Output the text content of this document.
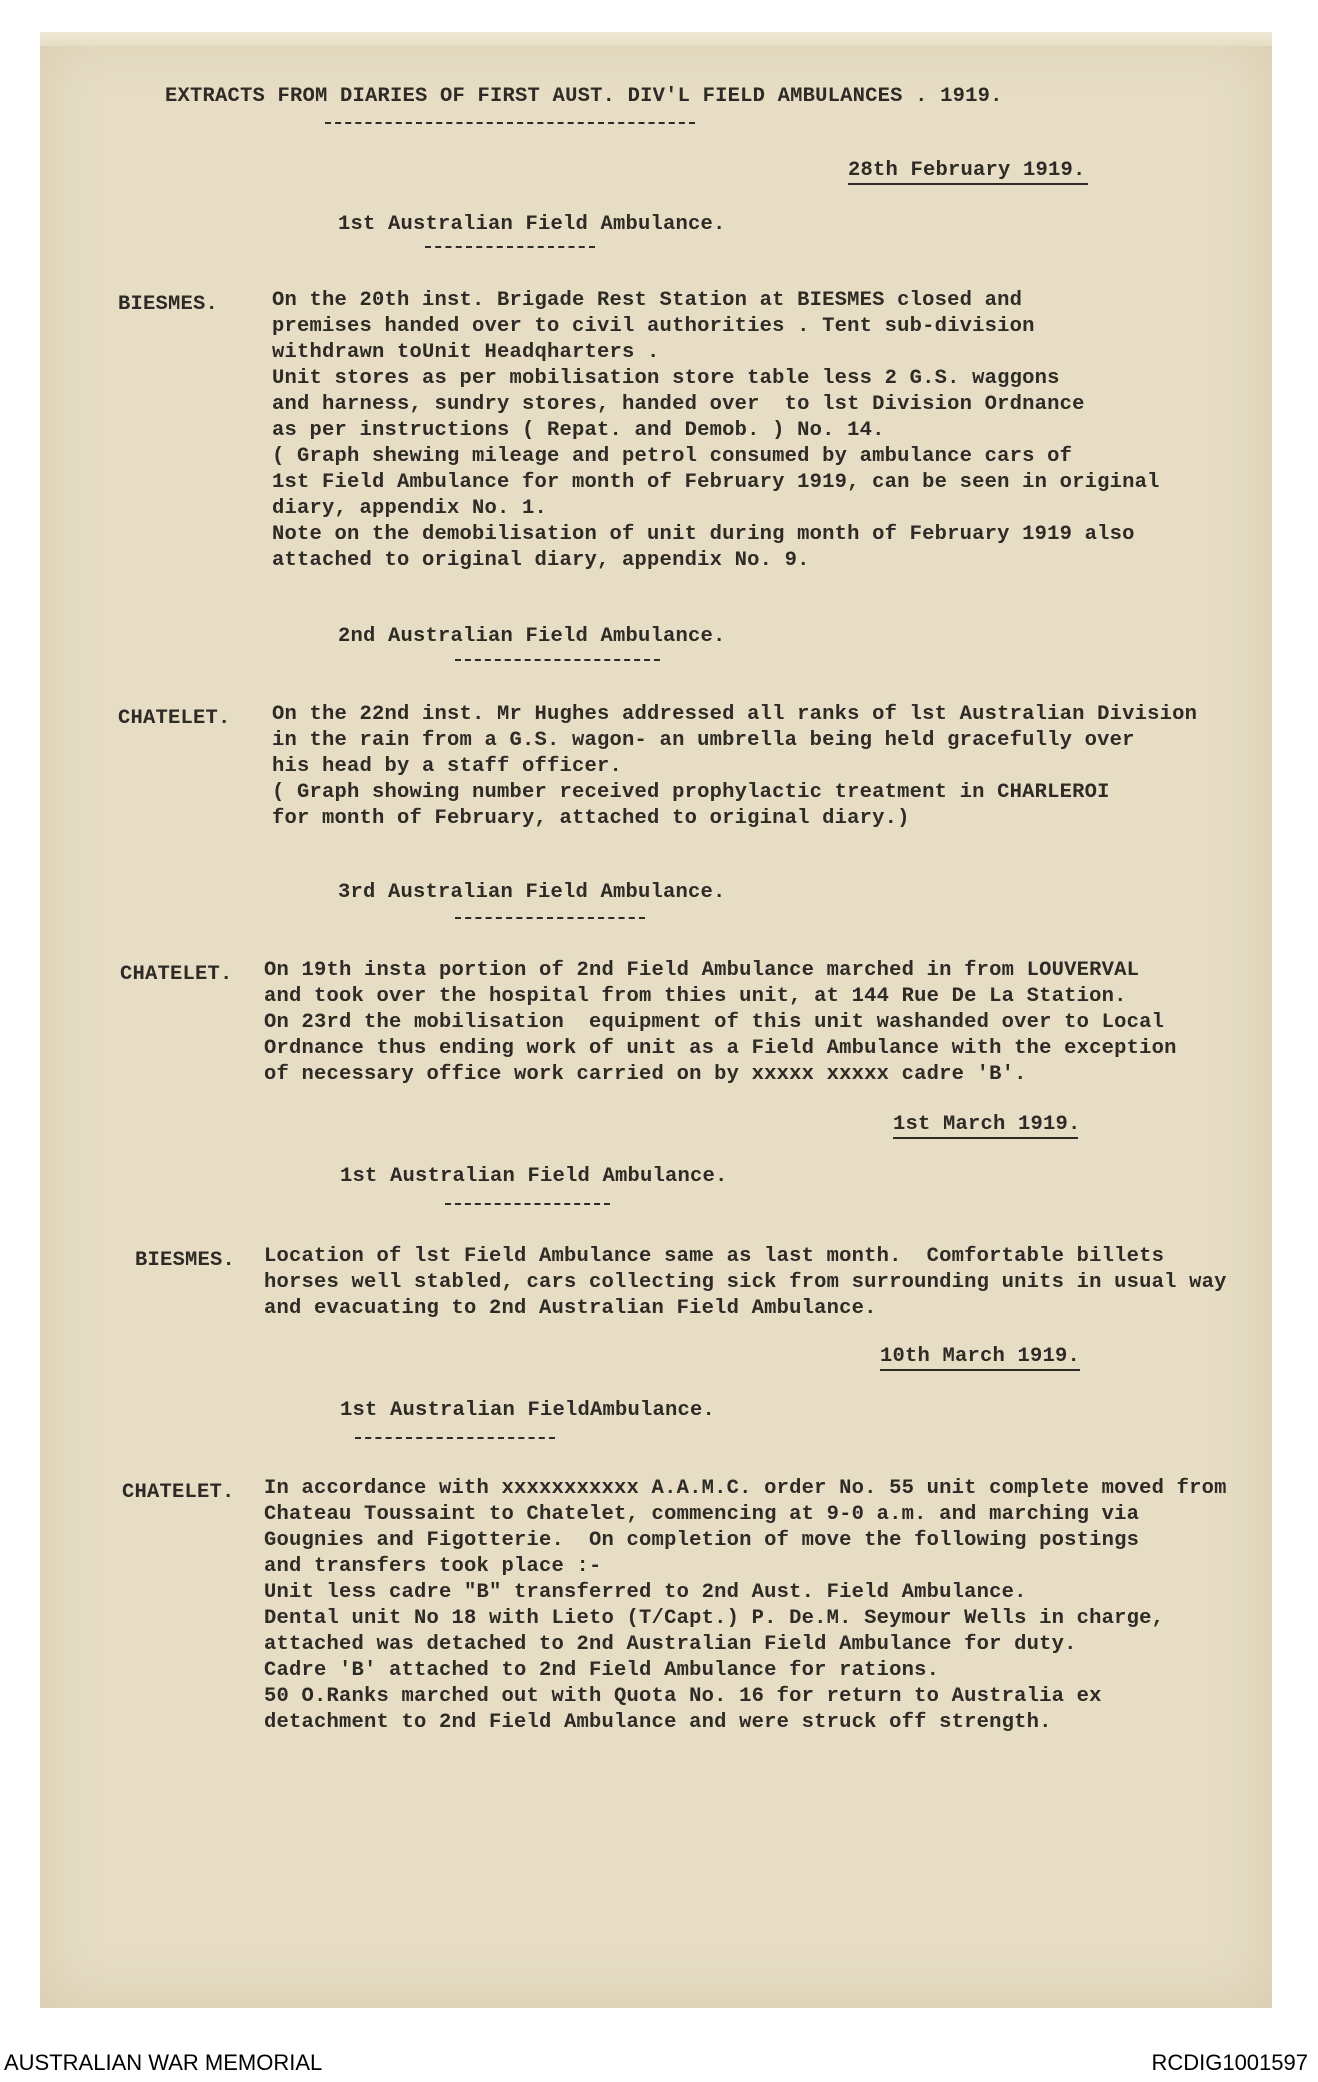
EXTRACTS FROM DIARIES OF FIRST AUST. DIV'L FIELD AMBULANCES . 1919.
28th February 1919.
1st Australian Field Ambulance.
BIESMES.	On the 20th inst. Brigade Rest Station at BIESMES closed and
premises handed over to civil authorities . Tent sub-division
withdrawn toUnit Headqharters .
Unit stores as per mobilisation store table less 2 G.S. waggons
and harness, sundry stores, handed over  to lst Division Ordnance
as per instructions ( Repat. and Demob. ) No. 14.
( Graph shewing mileage and petrol consumed by ambulance cars of
1st Field Ambulance for month of February 1919, can be seen in original
diary, appendix No. 1.
Note on the demobilisation of unit during month of February 1919 also
attached to original diary, appendix No. 9.
2nd Australian Field Ambulance.
CHATELET. On the 22nd inst. Mr Hughes addressed all ranks of lst Australian Division
in the rain from a G.S. wagon- an umbrella being held gracefully over
his head by a staff officer.
( Graph showing number received prophylactic treatment in CHARLEROI
for month of February, attached to original diary.)
3rd Australian Field Ambulance.
CHATELET. On 19th insta portion of 2nd Field Ambulance marched in from LOUVERVAL
and took over the hospital from thies unit, at 144 Rue De La Station.
On 23rd the mobilisation  equipment of this unit washanded over to Local
Ordnance thus ending work of unit as a Field Ambulance with the exception
of necessary office work carried on by xxxxx xxxxx cadre 'B'.
1st March 1919.
1st Australian Field Ambulance.
BIESMES. Location of lst Field Ambulance same as last month.  Comfortable billets
horses well stabled, cars collecting sick from surrounding units in usual way
and evacuating to 2nd Australian Field Ambulance.
10th March 1919.
1st Australian FieldAmbulance.
CHATELET. In accordance with xxxxxxxxxxx A.A.M.C. order No. 55 unit complete moved from
Chateau Toussaint to Chatelet, commencing at 9-0 a.m. and marching via
Gougnies and Figotterie.  On completion of move the following postings
and transfers took place :-
Unit less cadre "B" transferred to 2nd Aust. Field Ambulance.
Dental unit No 18 with Lieto (T/Capt.) P. De.M. Seymour Wells in charge,
attached was detached to 2nd Australian Field Ambulance for duty.
Cadre 'B' attached to 2nd Field Ambulance for rations.
50 O.Ranks marched out with Quota No. 16 for return to Australia ex
detachment to 2nd Field Ambulance and were struck off strength.
AUSTRALIAN WAR MEMORIAL	RCDIG1001597
